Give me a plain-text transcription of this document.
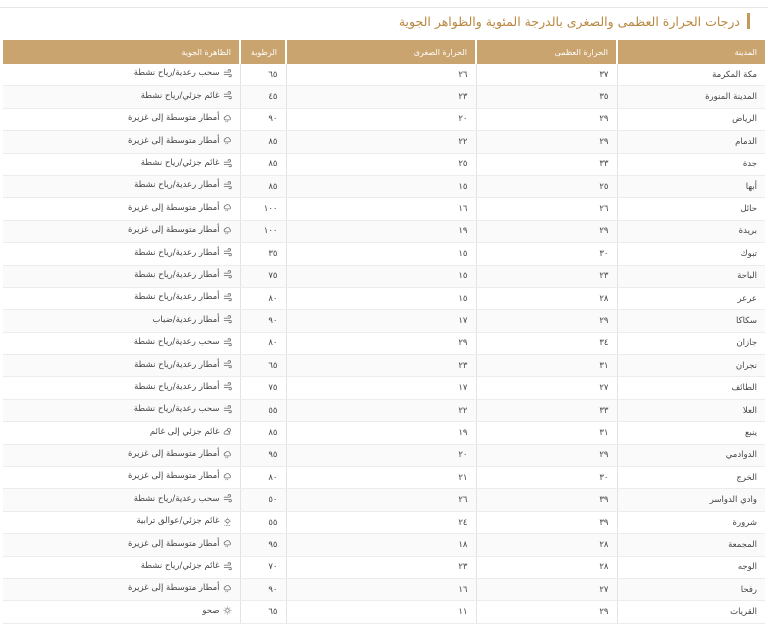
درجات الحرارة العظمى والصغرى بالدرجة المئوية والظواهر الجوية
المدينة	الحرارة العظمى	الحرارة الصغرى	الرطوبة	الظاهرة الجوية
مكة المكرمة	٣٧	٢٦	٦٥	سحب رعدية/رياح نشطة

المدينة المنورة	٣٥	٢٣	٤٥	غائم جزئي/رياح نشطة

الرياض	٢٩	٢٠	٩٠	أمطار متوسطة إلى غزيرة

الدمام	٢٩	٢٢	٨٥	أمطار متوسطة إلى غزيرة

جدة	٣٣	٢٥	٨٥	غائم جزئي/رياح نشطة

أبها	٢٥	١٥	٨٥	أمطار رعدية/رياح نشطة

حائل	٢٦	١٦	١٠٠	أمطار متوسطة إلى غزيرة

بريدة	٢٩	١٩	١٠٠	أمطار متوسطة إلى غزيرة

تبوك	٣٠	١٥	٣٥	أمطار رعدية/رياح نشطة

الباحة	٢٣	١٥	٧٥	أمطار رعدية/رياح نشطة

عرعر	٢٨	١٥	٨٠	أمطار رعدية/رياح نشطة

سكاكا	٢٩	١٧	٩٠	أمطار رعدية/ضباب

جازان	٣٤	٢٩	٨٠	سحب رعدية/رياح نشطة

نجران	٣١	٢٣	٦٥	أمطار رعدية/رياح نشطة

الطائف	٢٧	١٧	٧٥	أمطار رعدية/رياح نشطة

العلا	٣٣	٢٢	٥٥	سحب رعدية/رياح نشطة

ينبع	٣١	١٩	٨٥	غائم جزئي إلى غائم

الدوادمي	٢٩	٢٠	٩٥	أمطار متوسطة إلى غزيرة

الخرج	٣٠	٢١	٨٠	أمطار متوسطة إلى غزيرة

وادي الدواسر	٣٩	٢٦	٥٠	سحب رعدية/رياح نشطة

شرورة	٣٩	٢٤	٥٥	غائم جزئي/عوالق ترابية

المجمعة	٢٨	١٨	٩٥	أمطار متوسطة إلى غزيرة

الوجه	٢٨	٢٣	٧٠	غائم جزئي/رياح نشطة

رفحا	٢٧	١٦	٩٠	أمطار متوسطة إلى غزيرة

القريات	٢٩	١١	٦٥	صحو
